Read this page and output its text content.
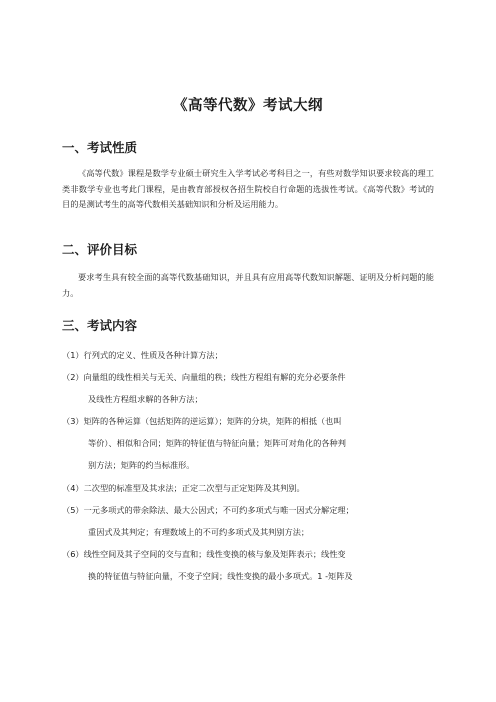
《高等代数》考试大纲
一、考试性质
《高等代数》课程是数学专业硕士研究生入学考试必考科目之一，有些对数学知识要求较高的理工类非数学专业也考此门课程，是由教育部授权各招生院校自行命题的选拔性考试。《高等代数》考试的目的是测试考生的高等代数相关基础知识和分析及运用能力。
二、评价目标
要求考生具有较全面的高等代数基础知识，并且具有应用高等代数知识解题、证明及分析问题的能力。
三、考试内容
（1）行列式的定义、性质及各种计算方法；
（2）向量组的线性相关与无关、向量组的秩；线性方程组有解的充分必要条件
及线性方程组求解的各种方法；
（3）矩阵的各种运算（包括矩阵的逆运算）；矩阵的分块，矩阵的相抵（也叫
等价）、相似和合同；矩阵的特征值与特征向量；矩阵可对角化的各种判
别方法；矩阵的约当标准形。
（4）二次型的标准型及其求法；正定二次型与正定矩阵及其判别。
（5）一元多项式的带余除法、最大公因式；不可约多项式与唯一因式分解定理；
重因式及其判定；有理数域上的不可约多项式及其判别方法；
（6）线性空间及其子空间的交与直和；线性变换的核与象及矩阵表示；线性变
换的特征值与特征向量，不变子空间；线性变换的最小多项式。1 -矩阵及
